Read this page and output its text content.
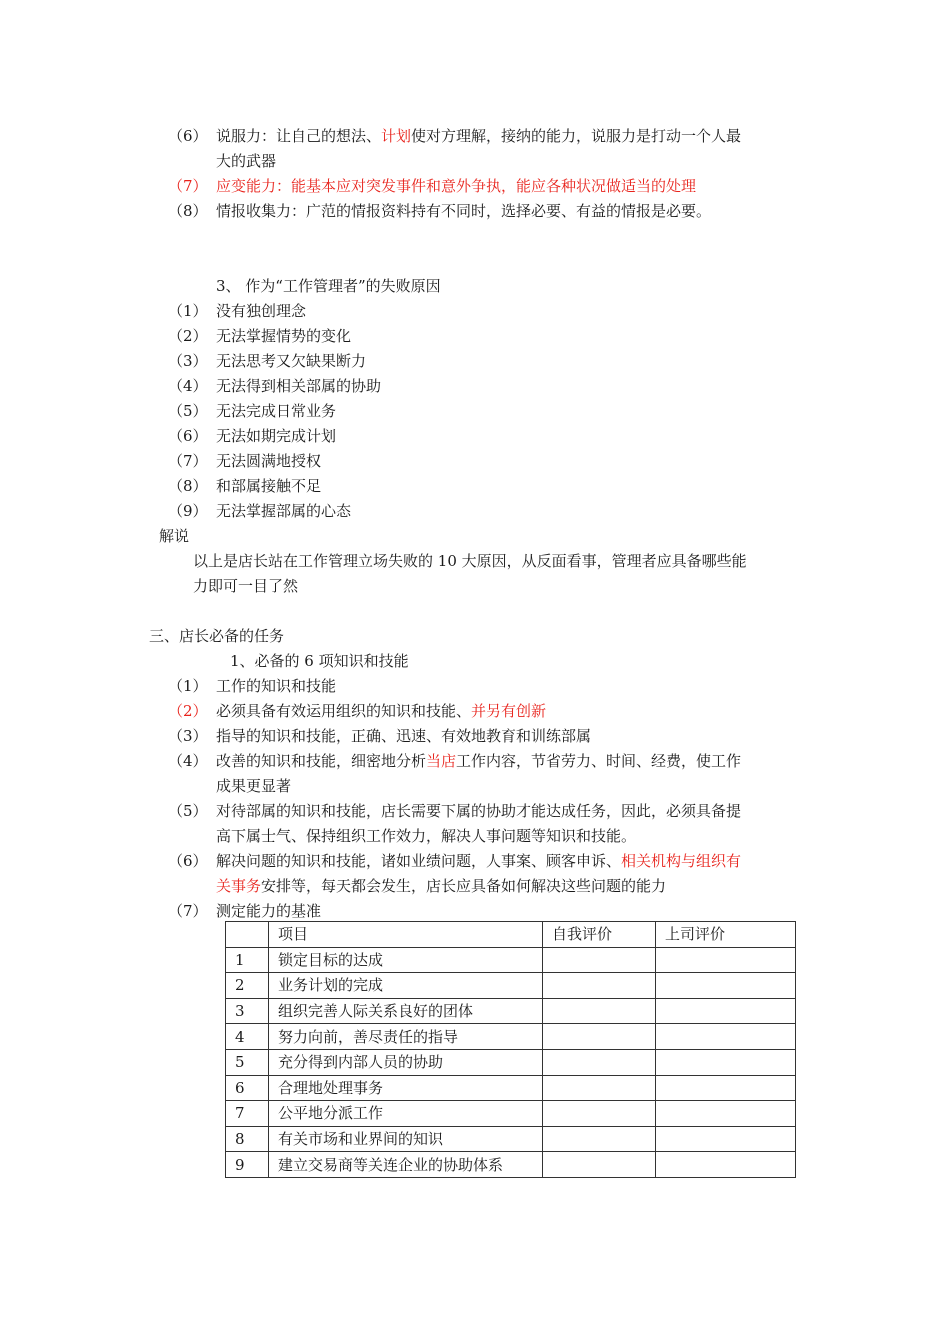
（6） 说服力：让自己的想法、计划使对方理解，接纳的能力，说服力是打动一个人最
大的武器
（7） 应变能力：能基本应对突发事件和意外争执，能应各种状况做适当的处理
（8） 情报收集力：广范的情报资料持有不同时，选择必要、有益的情报是必要。
3、 作为“工作管理者”的失败原因
（1） 没有独创理念
（2） 无法掌握情势的变化
（3） 无法思考又欠缺果断力
（4） 无法得到相关部属的协助
（5） 无法完成日常业务
（6） 无法如期完成计划
（7） 无法圆满地授权
（8） 和部属接触不足
（9） 无法掌握部属的心态
解说
以上是店长站在工作管理立场失败的 10 大原因，从反面看事，管理者应具备哪些能
力即可一目了然
三、店长必备的任务
1、必备的 6 项知识和技能
（1） 工作的知识和技能
（2） 必须具备有效运用组织的知识和技能、并另有创新
（3） 指导的知识和技能，正确、迅速、有效地教育和训练部属
（4） 改善的知识和技能，细密地分析当店工作内容，节省劳力、时间、经费，使工作
成果更显著
（5） 对待部属的知识和技能，店长需要下属的协助才能达成任务，因此，必须具备提
高下属士气、保持组织工作效力，解决人事问题等知识和技能。
（6） 解决问题的知识和技能，诸如业绩问题，人事案、顾客申诉、相关机构与组织有
关事务安排等，每天都会发生，店长应具备如何解决这些问题的能力
（7） 测定能力的基准
	项目	自我评价	上司评价
1	锁定目标的达成		
2	业务计划的完成		
3	组织完善人际关系良好的团体		
4	努力向前，善尽责任的指导		
5	充分得到内部人员的协助		
6	合理地处理事务		
7	公平地分派工作		
8	有关市场和业界间的知识		
9	建立交易商等关连企业的协助体系		
